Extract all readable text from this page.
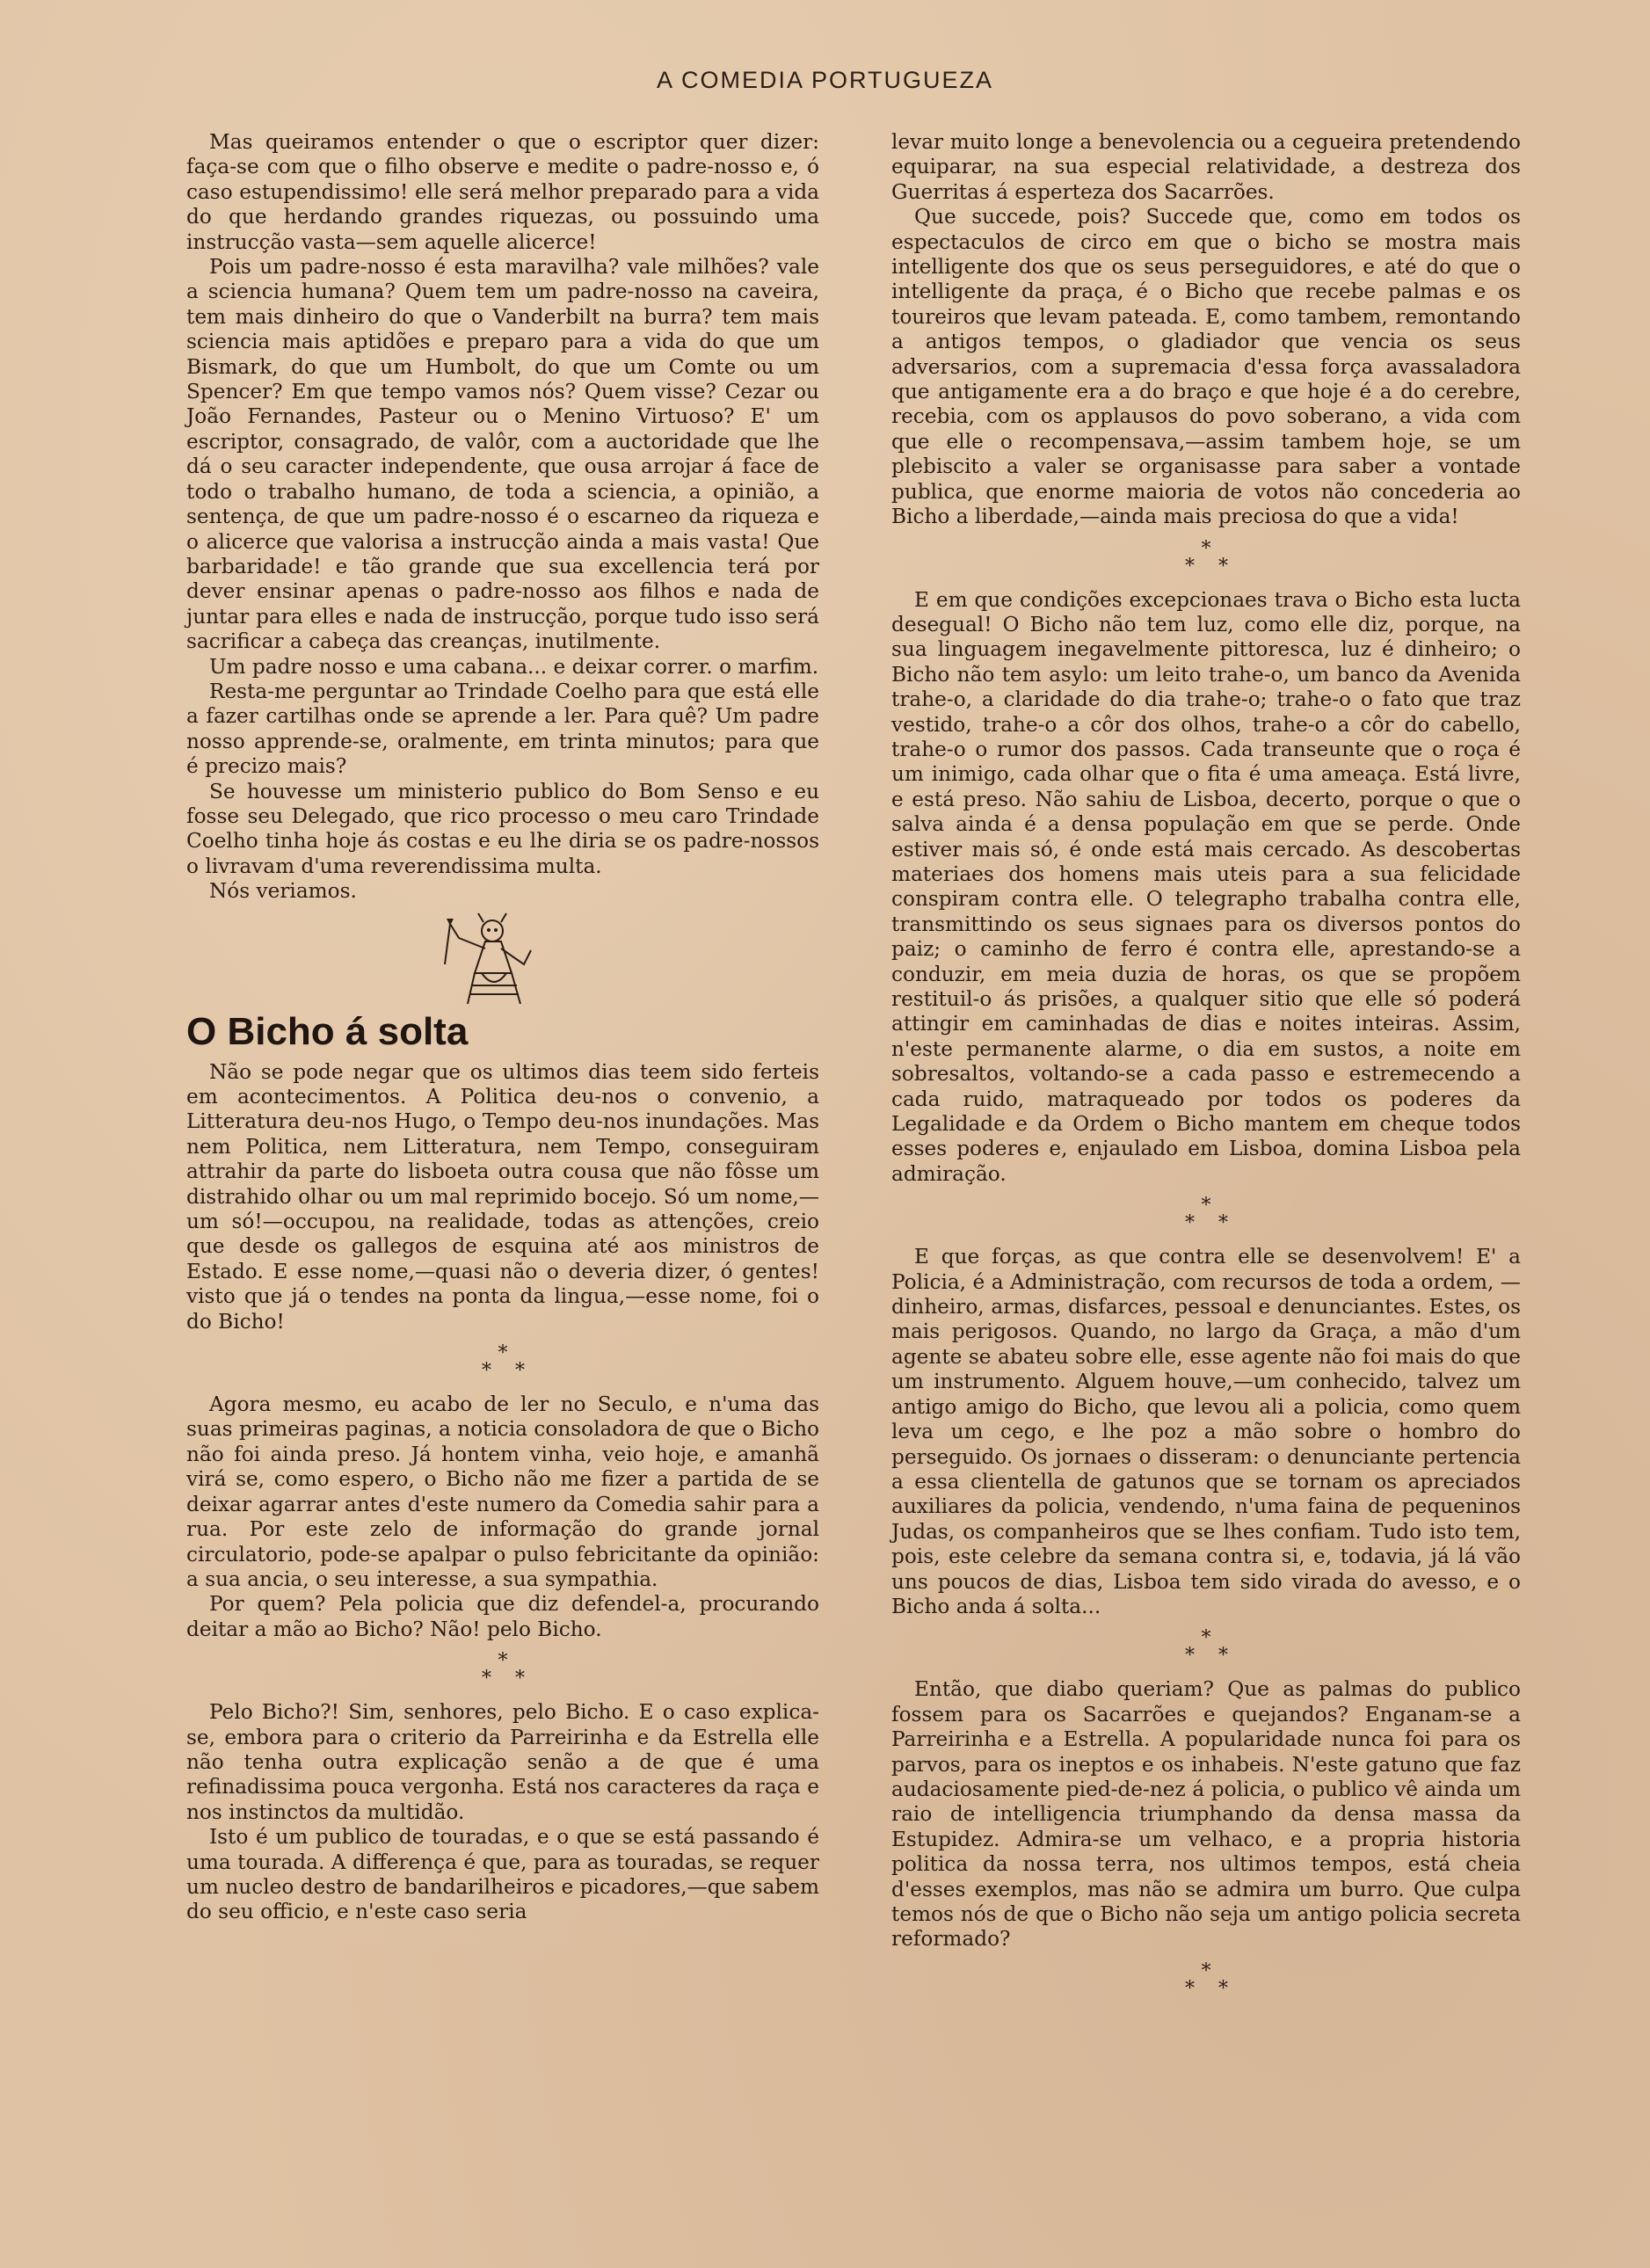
A COMEDIA PORTUGUEZA

Mas queiramos entender o que o escriptor quer dizer: faça-se com que o filho observe e medite o padre-nosso e, ó caso estupendissimo! elle será melhor preparado para a vida do que herdando grandes riquezas, ou possuindo uma instrucção vasta—sem aquelle alicerce!

Pois um padre-nosso é esta maravilha? vale milhões? vale a sciencia humana? Quem tem um padre-nosso na caveira, tem mais dinheiro do que o Vanderbilt na burra? tem mais sciencia mais aptidões e preparo para a vida do que um Bismark, do que um Humbolt, do que um Comte ou um Spencer? Em que tempo vamos nós? Quem visse? Cezar ou João Fernandes, Pasteur ou o Menino Virtuoso? E' um escriptor, consagrado, de valôr, com a auctoridade que lhe dá o seu caracter independente, que ousa arrojar á face de todo o trabalho humano, de toda a sciencia, a opinião, a sentença, de que um padre-nosso é o escarneo da riqueza e o alicerce que valorisa a instrucção ainda a mais vasta! Que barbaridade! e tão grande que sua excellencia terá por dever ensinar apenas o padre-nosso aos filhos e nada de juntar para elles e nada de instrucção, porque tudo isso será sacrificar a cabeça das creanças, inutilmente.

Um padre nosso e uma cabana... e deixar correr. o marfim.

Resta-me perguntar ao Trindade Coelho para que está elle a fazer cartilhas onde se aprende a ler. Para quê? Um padre nosso apprende-se, oralmente, em trinta minutos; para que é precizo mais?

Se houvesse um ministerio publico do Bom Senso e eu fosse seu Delegado, que rico processo o meu caro Trindade Coelho tinha hoje ás costas e eu lhe diria se os padre-nossos o livravam d'uma reverendissima multa.

Nós veriamos.

O Bicho á solta

Não se pode negar que os ultimos dias teem sido ferteis em acontecimentos. A Politica deu-nos o convenio, a Litteratura deu-nos Hugo, o Tempo deu-nos inundações. Mas nem Politica, nem Litteratura, nem Tempo, conseguiram attrahir da parte do lisboeta outra cousa que não fôsse um distrahido olhar ou um mal reprimido bocejo. Só um nome,—um só!—occupou, na realidade, todas as attenções, creio que desde os gallegos de esquina até aos ministros de Estado. E esse nome,—quasi não o deveria dizer, ó gentes! visto que já o tendes na ponta da lingua,—esse nome, foi o do Bicho!

*
* *

Agora mesmo, eu acabo de ler no Seculo, e n'uma das suas primeiras paginas, a noticia consoladora de que o Bicho não foi ainda preso. Já hontem vinha, veio hoje, e amanhã virá se, como espero, o Bicho não me fizer a partida de se deixar agarrar antes d'este numero da Comedia sahir para a rua. Por este zelo de informação do grande jornal circulatorio, pode-se apalpar o pulso febricitante da opinião: a sua ancia, o seu interesse, a sua sympathia.

Por quem? Pela policia que diz defendel-a, procurando deitar a mão ao Bicho? Não! pelo Bicho.

*
* *

Pelo Bicho?! Sim, senhores, pelo Bicho. E o caso explica-se, embora para o criterio da Parreirinha e da Estrella elle não tenha outra explicação senão a de que é uma refinadissima pouca vergonha. Está nos caracteres da raça e nos instinctos da multidão.

Isto é um publico de touradas, e o que se está passando é uma tourada. A differença é que, para as touradas, se requer um nucleo destro de bandarilheiros e picadores,—que sabem do seu officio, e n'este caso seria

levar muito longe a benevolencia ou a cegueira pretendendo equiparar, na sua especial relatividade, a destreza dos Guerritas á esperteza dos Sacarrões.

Que succede, pois? Succede que, como em todos os espectaculos de circo em que o bicho se mostra mais intelligente dos que os seus perseguidores, e até do que o intelligente da praça, é o Bicho que recebe palmas e os toureiros que levam pateada. E, como tambem, remontando a antigos tempos, o gladiador que vencia os seus adversarios, com a supremacia d'essa força avassaladora que antigamente era a do braço e que hoje é a do cerebre, recebia, com os applausos do povo soberano, a vida com que elle o recompensava,—assim tambem hoje, se um plebiscito a valer se organisasse para saber a vontade publica, que enorme maioria de votos não concederia ao Bicho a liberdade,—ainda mais preciosa do que a vida!

*
* *

E em que condições excepcionaes trava o Bicho esta lucta desegual! O Bicho não tem luz, como elle diz, porque, na sua linguagem inegavelmente pittoresca, luz é dinheiro; o Bicho não tem asylo: um leito trahe-o, um banco da Avenida trahe-o, a claridade do dia trahe-o; trahe-o o fato que traz vestido, trahe-o a côr dos olhos, trahe-o a côr do cabello, trahe-o o rumor dos passos. Cada transeunte que o roça é um inimigo, cada olhar que o fita é uma ameaça. Está livre, e está preso. Não sahiu de Lisboa, decerto, porque o que o salva ainda é a densa população em que se perde. Onde estiver mais só, é onde está mais cercado. As descobertas materiaes dos homens mais uteis para a sua felicidade conspiram contra elle. O telegrapho trabalha contra elle, transmittindo os seus signaes para os diversos pontos do paiz; o caminho de ferro é contra elle, aprestando-se a conduzir, em meia duzia de horas, os que se propõem restituil-o ás prisões, a qualquer sitio que elle só poderá attingir em caminhadas de dias e noites inteiras. Assim, n'este permanente alarme, o dia em sustos, a noite em sobresaltos, voltando-se a cada passo e estremecendo a cada ruido, matraqueado por todos os poderes da Legalidade e da Ordem o Bicho mantem em cheque todos esses poderes e, enjaulado em Lisboa, domina Lisboa pela admiração.

*
* *

E que forças, as que contra elle se desenvolvem! E' a Policia, é a Administração, com recursos de toda a ordem, — dinheiro, armas, disfarces, pessoal e denunciantes. Estes, os mais perigosos. Quando, no largo da Graça, a mão d'um agente se abateu sobre elle, esse agente não foi mais do que um instrumento. Alguem houve,—um conhecido, talvez um antigo amigo do Bicho, que levou ali a policia, como quem leva um cego, e lhe poz a mão sobre o hombro do perseguido. Os jornaes o disseram: o denunciante pertencia a essa clientella de gatunos que se tornam os apreciados auxiliares da policia, vendendo, n'uma faina de pequeninos Judas, os companheiros que se lhes confiam. Tudo isto tem, pois, este celebre da semana contra si, e, todavia, já lá vão uns poucos de dias, Lisboa tem sido virada do avesso, e o Bicho anda á solta...

*
* *

Então, que diabo queriam? Que as palmas do publico fossem para os Sacarrões e quejandos? Enganam-se a Parreirinha e a Estrella. A popularidade nunca foi para os parvos, para os ineptos e os inhabeis. N'este gatuno que faz audaciosamente pied-de-nez á policia, o publico vê ainda um raio de intelligencia triumphando da densa massa da Estupidez. Admira-se um velhaco, e a propria historia politica da nossa terra, nos ultimos tempos, está cheia d'esses exemplos, mas não se admira um burro. Que culpa temos nós de que o Bicho não seja um antigo policia secreta reformado?

*
* *
